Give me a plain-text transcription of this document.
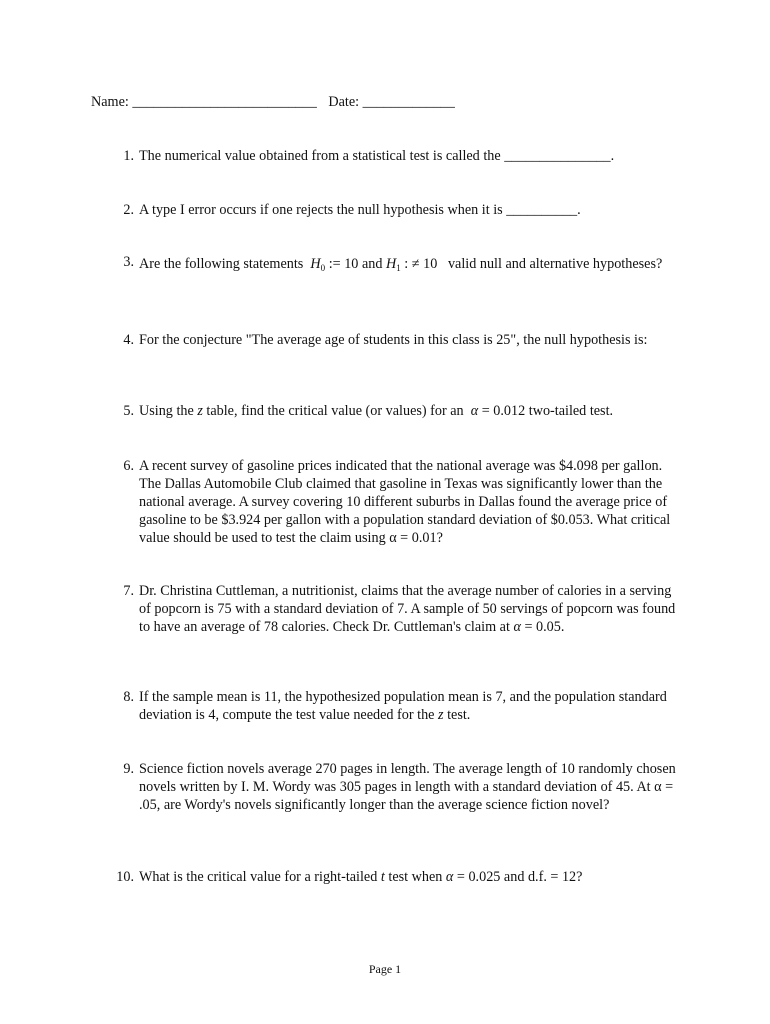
Name: __________________________ Date: _____________
1. The numerical value obtained from a statistical test is called the _______________.
2. A type I error occurs if one rejects the null hypothesis when it is __________.
3. Are the following statements $H_0$ := 10 and $H_1$ : ≠ 10 valid null and alternative hypotheses?
4. For the conjecture "The average age of students in this class is 25", the null hypothesis is:
5. Using the z table, find the critical value (or values) for an α = 0.012 two-tailed test.
6. A recent survey of gasoline prices indicated that the national average was $4.098 per gallon. The Dallas Automobile Club claimed that gasoline in Texas was significantly lower than the national average. A survey covering 10 different suburbs in Dallas found the average price of gasoline to be $3.924 per gallon with a population standard deviation of $0.053. What critical value should be used to test the claim using α = 0.01?
7. Dr. Christina Cuttleman, a nutritionist, claims that the average number of calories in a serving of popcorn is 75 with a standard deviation of 7. A sample of 50 servings of popcorn was found to have an average of 78 calories. Check Dr. Cuttleman's claim at α = 0.05.
8. If the sample mean is 11, the hypothesized population mean is 7, and the population standard deviation is 4, compute the test value needed for the z test.
9. Science fiction novels average 270 pages in length. The average length of 10 randomly chosen novels written by I. M. Wordy was 305 pages in length with a standard deviation of 45. At α = .05, are Wordy's novels significantly longer than the average science fiction novel?
10. What is the critical value for a right-tailed t test when α = 0.025 and d.f. = 12?
Page 1
